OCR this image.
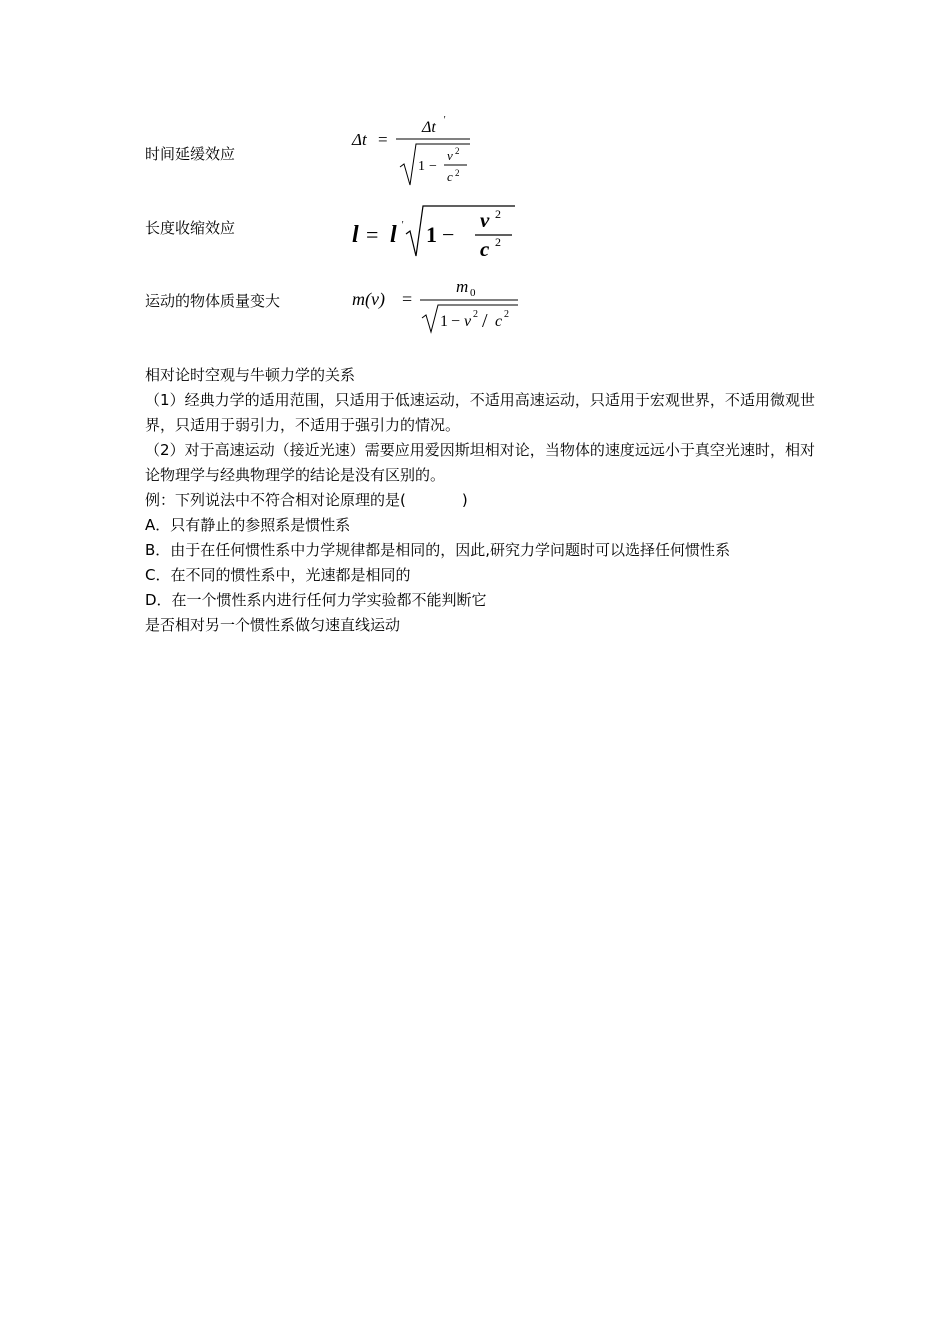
时间延缓效应
Δt =
Δt '
1 −
v 2
c 2
长度收缩效应	l = l ' 1 −
v 2
c 2
运动的物体质量变大	m(v) =
m 0
1 − v 2 / c 2

相对论时空观与牛顿力学的关系

（1）经典力学的适用范围，只适用于低速运动，不适用高速运动，只适用于宏观世界，不适用微观世界，只适用于弱引力，不适用于强引力的情况。

（2）对于高速运动（接近光速）需要应用爱因斯坦相对论，当物体的速度远远小于真空光速时，相对论物理学与经典物理学的结论是没有区别的。

例：下列说法中不符合相对论原理的是(	)

A．只有静止的参照系是惯性系

B．由于在任何惯性系中力学规律都是相同的，因此,研究力学问题时可以选择任何惯性系

C．在不同的惯性系中，光速都是相同的

D．在一个惯性系内进行任何力学实验都不能判断它

是否相对另一个惯性系做匀速直线运动
